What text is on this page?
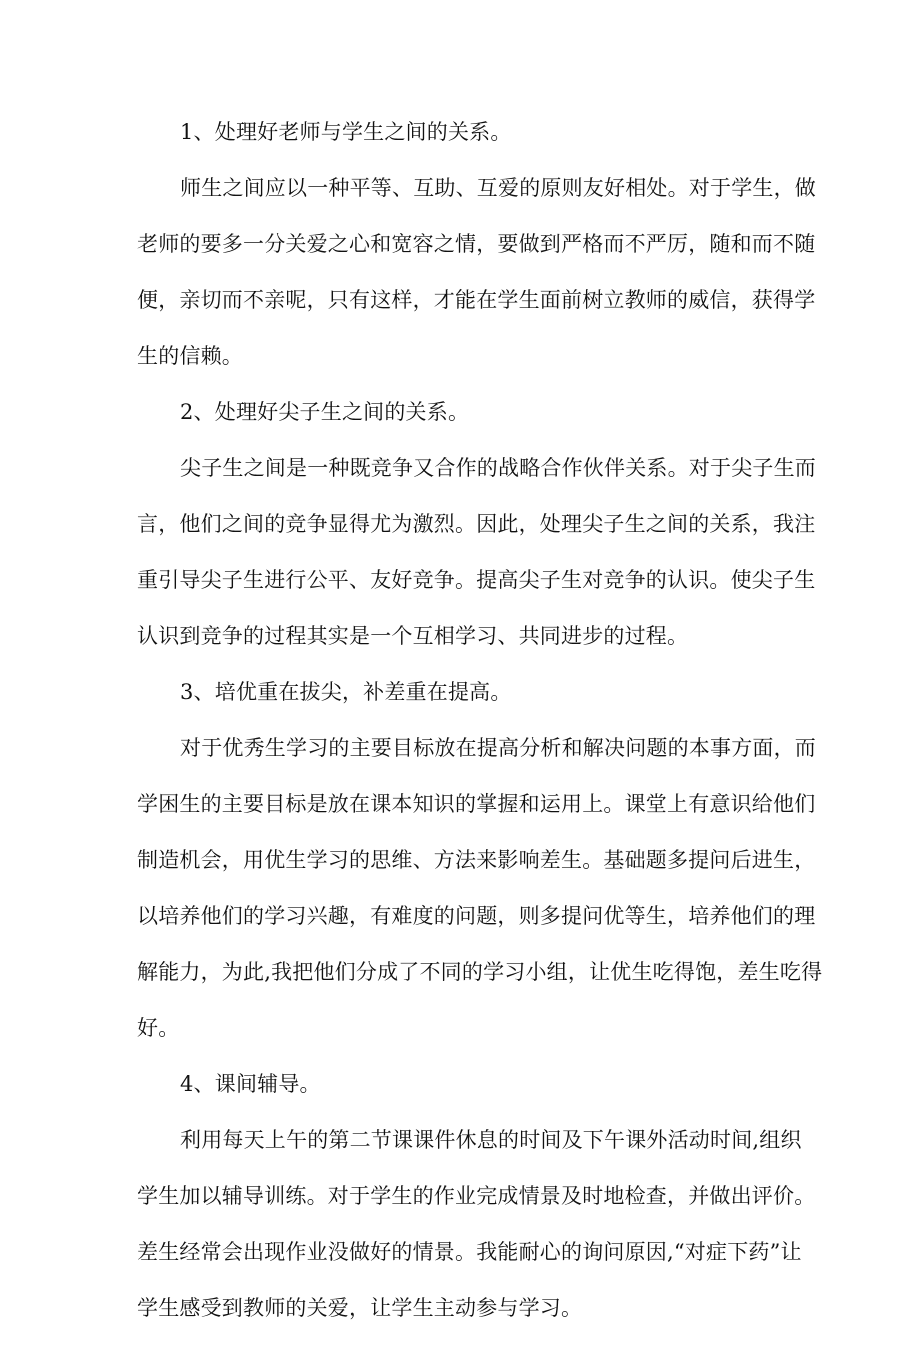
1、处理好老师与学生之间的关系。

师生之间应以一种平等、互助、互爱的原则友好相处。对于学生，做

老师的要多一分关爱之心和宽容之情，要做到严格而不严厉，随和而不随

便，亲切而不亲呢，只有这样，才能在学生面前树立教师的威信，获得学

生的信赖。

2、处理好尖子生之间的关系。

尖子生之间是一种既竞争又合作的战略合作伙伴关系。对于尖子生而

言，他们之间的竞争显得尤为激烈。因此，处理尖子生之间的关系，我注

重引导尖子生进行公平、友好竞争。提高尖子生对竞争的认识。使尖子生

认识到竞争的过程其实是一个互相学习、共同进步的过程。

3、培优重在拔尖，补差重在提高。

对于优秀生学习的主要目标放在提高分析和解决问题的本事方面，而

学困生的主要目标是放在课本知识的掌握和运用上。课堂上有意识给他们

制造机会，用优生学习的思维、方法来影响差生。基础题多提问后进生，

以培养他们的学习兴趣，有难度的问题，则多提问优等生，培养他们的理

解能力，为此,我把他们分成了不同的学习小组，让优生吃得饱，差生吃得

好。

4、课间辅导。

利用每天上午的第二节课课件休息的时间及下午课外活动时间,组织

学生加以辅导训练。对于学生的作业完成情景及时地检查，并做出评价。

差生经常会出现作业没做好的情景。我能耐心的询问原因,“对症下药”让

学生感受到教师的关爱，让学生主动参与学习。
